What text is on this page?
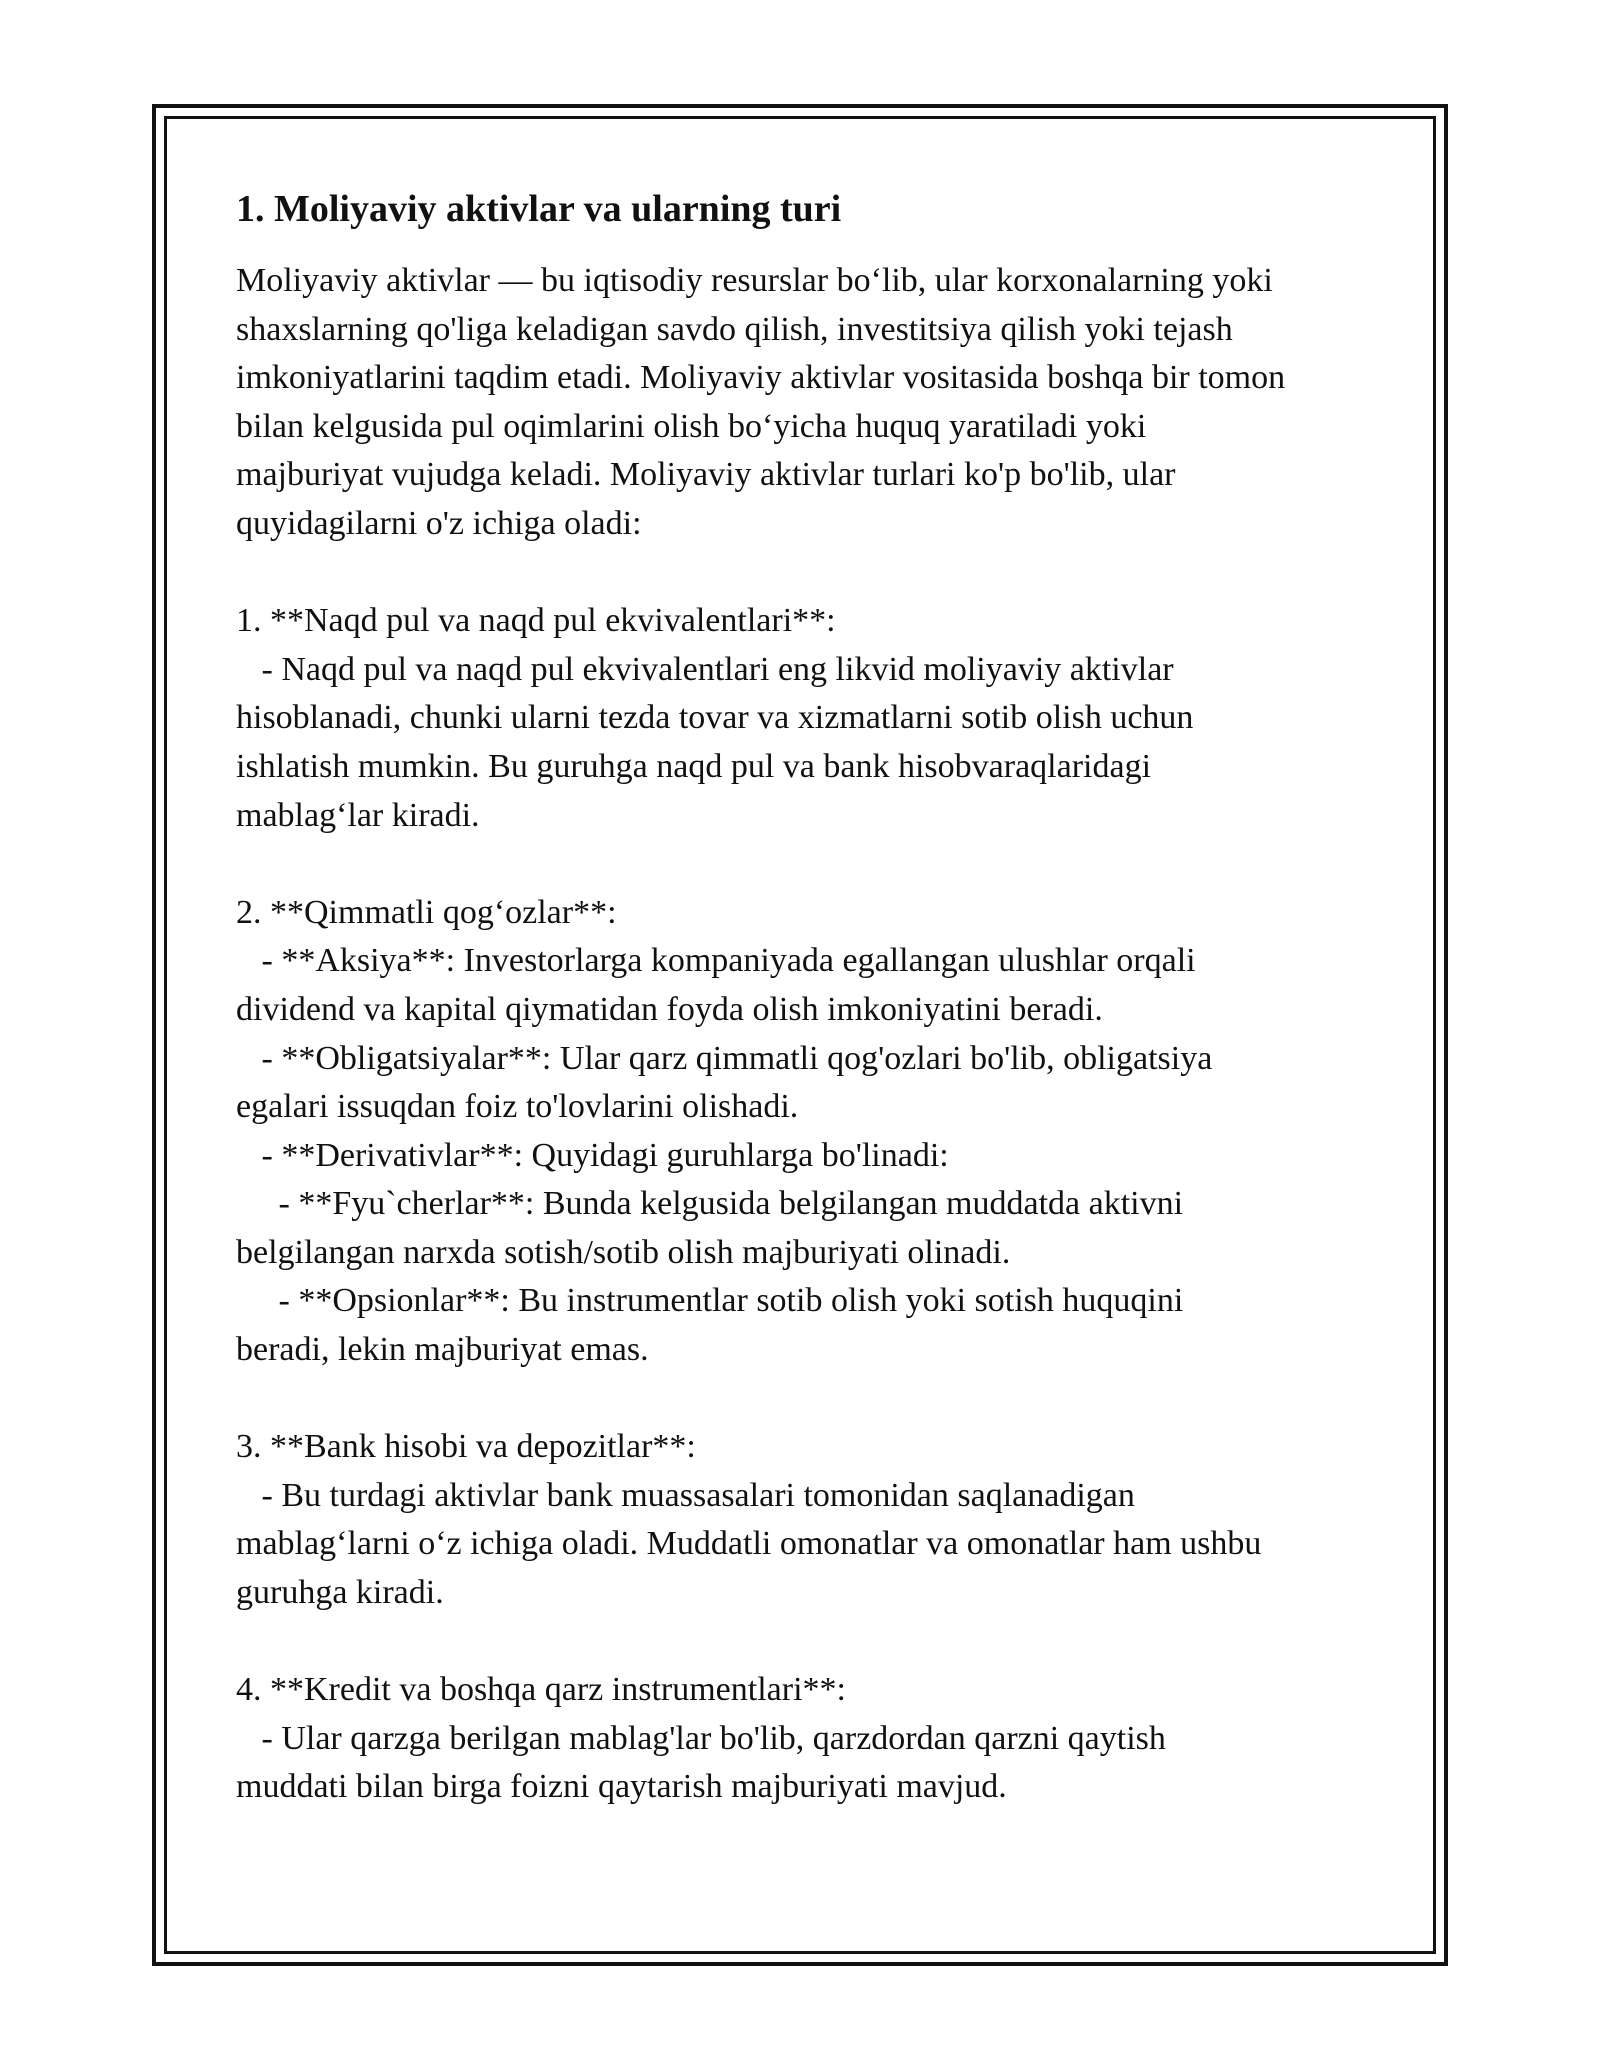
1. Moliyaviy aktivlar va ularning turi
Moliyaviy aktivlar — bu iqtisodiy resurslar bo‘lib, ular korxonalarning yoki
shaxslarning qo'liga keladigan savdo qilish, investitsiya qilish yoki tejash
imkoniyatlarini taqdim etadi. Moliyaviy aktivlar vositasida boshqa bir tomon
bilan kelgusida pul oqimlarini olish bo‘yicha huquq yaratiladi yoki
majburiyat vujudga keladi. Moliyaviy aktivlar turlari ko'p bo'lib, ular
quyidagilarni o'z ichiga oladi:
1. **Naqd pul va naqd pul ekvivalentlari**:
- Naqd pul va naqd pul ekvivalentlari eng likvid moliyaviy aktivlar
hisoblanadi, chunki ularni tezda tovar va xizmatlarni sotib olish uchun
ishlatish mumkin. Bu guruhga naqd pul va bank hisobvaraqlaridagi
mablag‘lar kiradi.
2. **Qimmatli qog‘ozlar**:
- **Aksiya**: Investorlarga kompaniyada egallangan ulushlar orqali
dividend va kapital qiymatidan foyda olish imkoniyatini beradi.
- **Obligatsiyalar**: Ular qarz qimmatli qog'ozlari bo'lib, obligatsiya
egalari issuqdan foiz to'lovlarini olishadi.
- **Derivativlar**: Quyidagi guruhlarga bo'linadi:
- **Fyu`cherlar**: Bunda kelgusida belgilangan muddatda aktivni
belgilangan narxda sotish/sotib olish majburiyati olinadi.
- **Opsionlar**: Bu instrumentlar sotib olish yoki sotish huquqini
beradi, lekin majburiyat emas.
3. **Bank hisobi va depozitlar**:
- Bu turdagi aktivlar bank muassasalari tomonidan saqlanadigan
mablag‘larni o‘z ichiga oladi. Muddatli omonatlar va omonatlar ham ushbu
guruhga kiradi.
4. **Kredit va boshqa qarz instrumentlari**:
- Ular qarzga berilgan mablag'lar bo'lib, qarzdordan qarzni qaytish
muddati bilan birga foizni qaytarish majburiyati mavjud.
